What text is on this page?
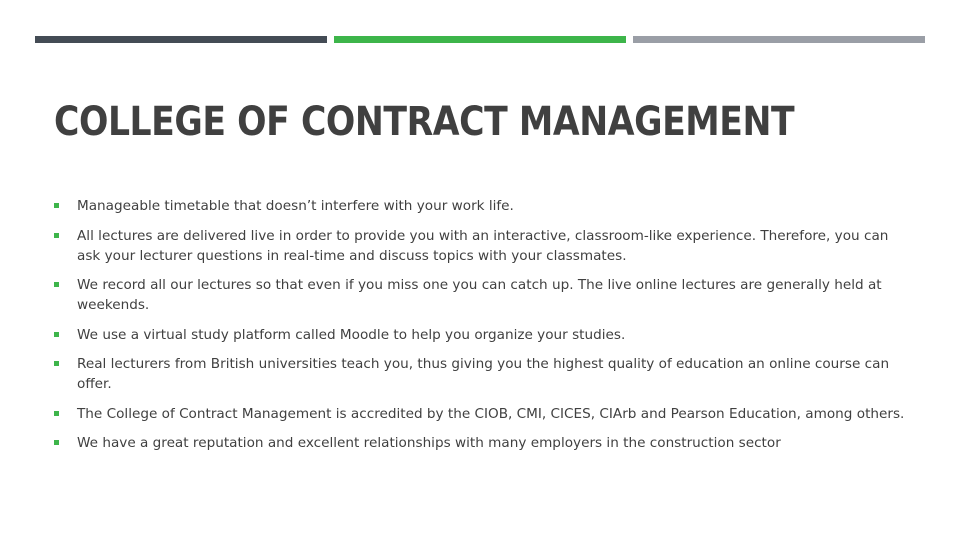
COLLEGE OF CONTRACT MANAGEMENT
Manageable timetable that doesn’t interfere with your work life.
All lectures are delivered live in order to provide you with an interactive, classroom-like experience. Therefore, you can ask your lecturer questions in real-time and discuss topics with your classmates.
We record all our lectures so that even if you miss one you can catch up. The live online lectures are generally held at weekends.
We use a virtual study platform called Moodle to help you organize your studies.
Real lecturers from British universities teach you, thus giving you the highest quality of education an online course can offer.
The College of Contract Management is accredited by the CIOB, CMI, CICES, CIArb and Pearson Education, among others.
We have a great reputation and excellent relationships with many employers in the construction sector
